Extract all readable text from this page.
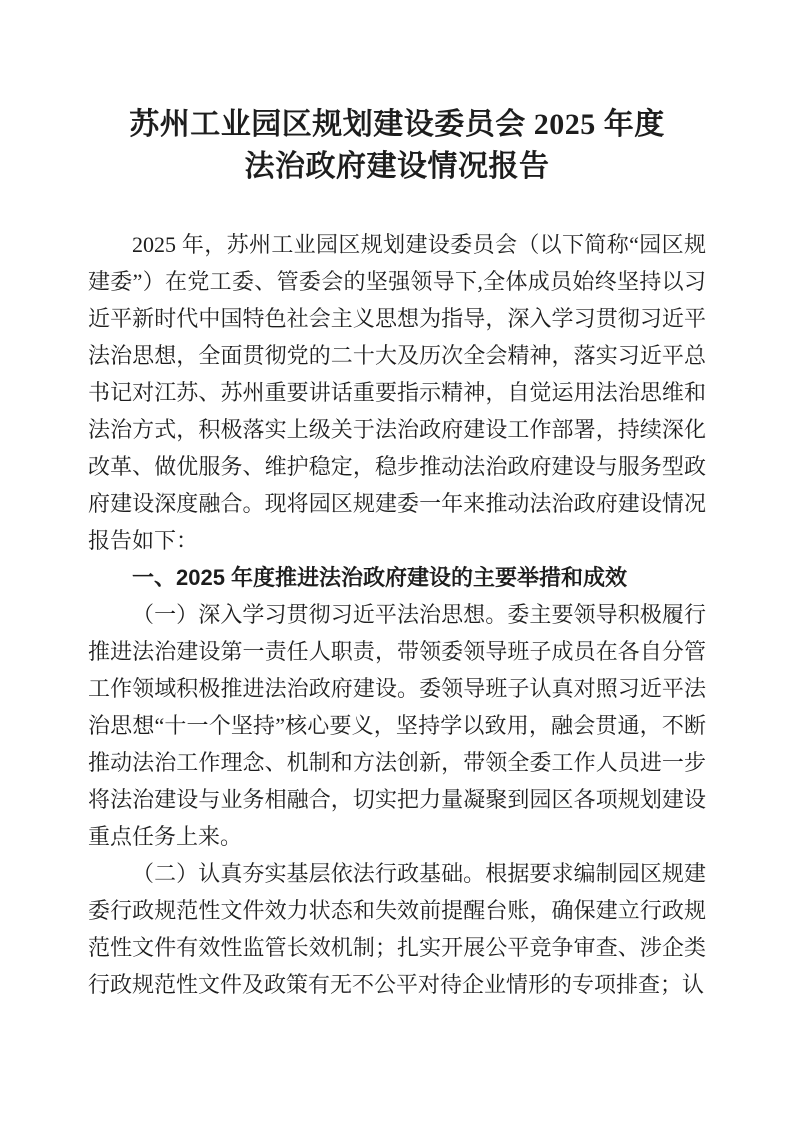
苏州工业园区规划建设委员会 2025 年度
法治政府建设情况报告

2025 年，苏州工业园区规划建设委员会（以下简称“园区规建委”）在党工委、管委会的坚强领导下,全体成员始终坚持以习近平新时代中国特色社会主义思想为指导，深入学习贯彻习近平法治思想，全面贯彻党的二十大及历次全会精神，落实习近平总书记对江苏、苏州重要讲话重要指示精神，自觉运用法治思维和法治方式，积极落实上级关于法治政府建设工作部署，持续深化改革、做优服务、维护稳定，稳步推动法治政府建设与服务型政府建设深度融合。现将园区规建委一年来推动法治政府建设情况报告如下：

一、2025 年度推进法治政府建设的主要举措和成效

（一）深入学习贯彻习近平法治思想。委主要领导积极履行推进法治建设第一责任人职责，带领委领导班子成员在各自分管工作领域积极推进法治政府建设。委领导班子认真对照习近平法治思想“十一个坚持”核心要义，坚持学以致用，融会贯通，不断推动法治工作理念、机制和方法创新，带领全委工作人员进一步将法治建设与业务相融合，切实把力量凝聚到园区各项规划建设重点任务上来。

（二）认真夯实基层依法行政基础。根据要求编制园区规建委行政规范性文件效力状态和失效前提醒台账，确保建立行政规范性文件有效性监管长效机制；扎实开展公平竞争审查、涉企类行政规范性文件及政策有无不公平对待企业情形的专项排查；认
